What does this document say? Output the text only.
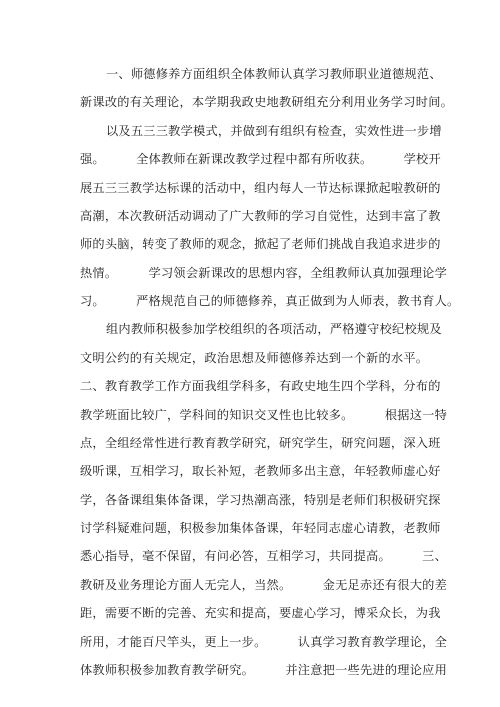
一、师德修养方面组织全体教师认真学习教师职业道德规范、
新课改的有关理论，本学期我政史地教研组充分利用业务学习时间。
以及五三三教学模式，并做到有组织有检查，实效性进一步增
强。　　　全体教师在新课改教学过程中都有所收获。　　　学校开
展五三三教学达标课的活动中，组内每人一节达标课掀起啦教研的
高潮，本次教研活动调动了广大教师的学习自觉性，达到丰富了教
师的头脑，转变了教师的观念，掀起了老师们挑战自我追求进步的
热情。　　　学习领会新课改的思想内容，全组教师认真加强理论学
习。　　　严格规范自己的师德修养，真正做到为人师表，教书育人。
组内教师积极参加学校组织的各项活动，严格遵守校纪校规及
文明公约的有关规定，政治思想及师德修养达到一个新的水平。
二、教育教学工作方面我组学科多，有政史地生四个学科，分布的
教学班面比较广，学科间的知识交叉性也比较多。　　　根据这一特
点，全组经常性进行教育教学研究，研究学生，研究问题，深入班
级听课，互相学习，取长补短，老教师多出主意，年轻教师虚心好
学，各备课组集体备课，学习热潮高涨，特别是老师们积极研究探
讨学科疑难问题，积极参加集体备课，年轻同志虚心请教，老教师
悉心指导，毫不保留，有问必答，互相学习，共同提高。　　　三、
教研及业务理论方面人无完人，当然。　　　金无足赤还有很大的差
距，需要不断的完善、充实和提高，要虚心学习，博采众长，为我
所用，才能百尺竿头，更上一步。　　　认真学习教育教学理论，全
体教师积极参加教育教学研究。　　　并注意把一些先进的理论应用
